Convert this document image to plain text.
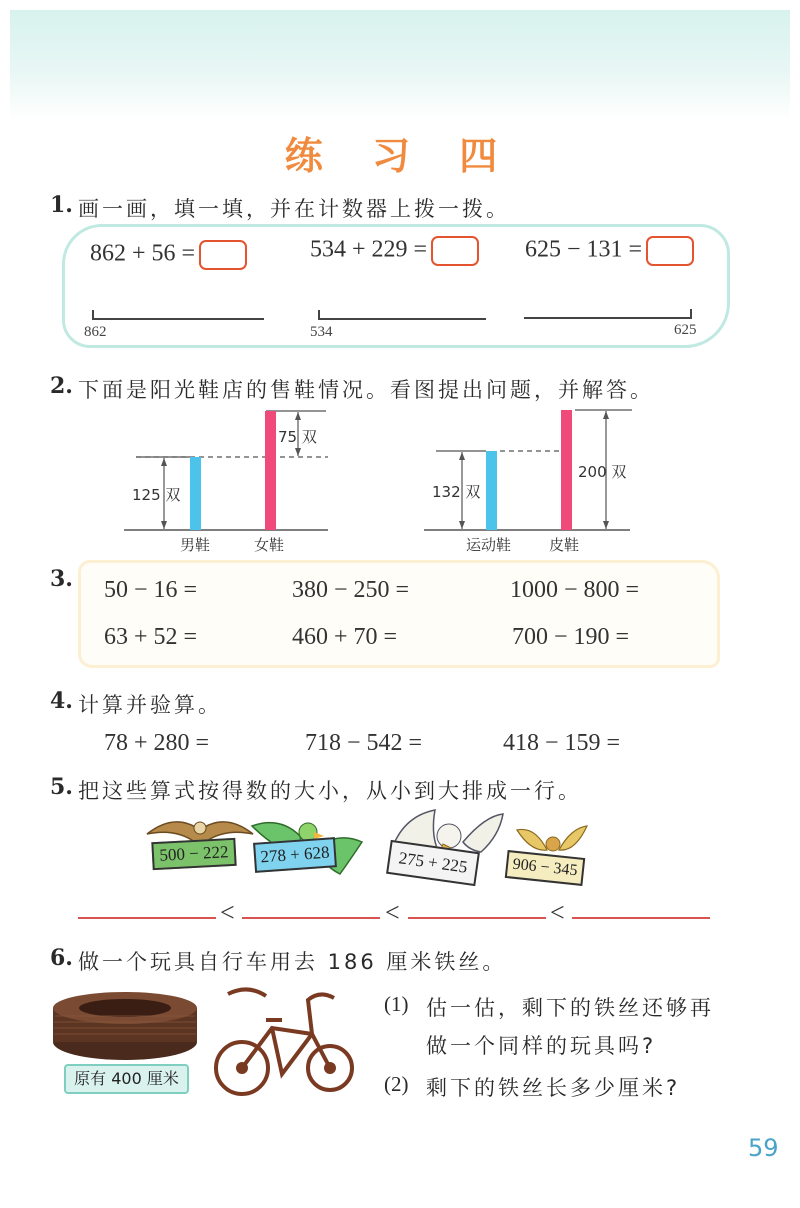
练 习 四
1. 画一画，填一填，并在计数器上拨一拨。
862 + 56 =	534 + 229 =	625 − 131 =
862	534	625
2. 下面是阳光鞋店的售鞋情况。看图提出问题，并解答。
125 双
75 双
男鞋	女鞋
132 双
200 双
运动鞋	皮鞋
3. 50 − 16 =	380 − 250 =	1000 − 800 =
63 + 52 =	460 + 70 =	700 − 190 =
4. 计算并验算。
78 + 280 =	718 − 542 =	418 − 159 =
5. 把这些算式按得数的大小，从小到大排成一行。
500 − 222	278 + 628	275 + 225	906 − 345
<	<	<
6. 做一个玩具自行车用去 186 厘米铁丝。
原有 400 厘米
(1) 估一估，剩下的铁丝还够再
做一个同样的玩具吗?
(2) 剩下的铁丝长多少厘米?
59
